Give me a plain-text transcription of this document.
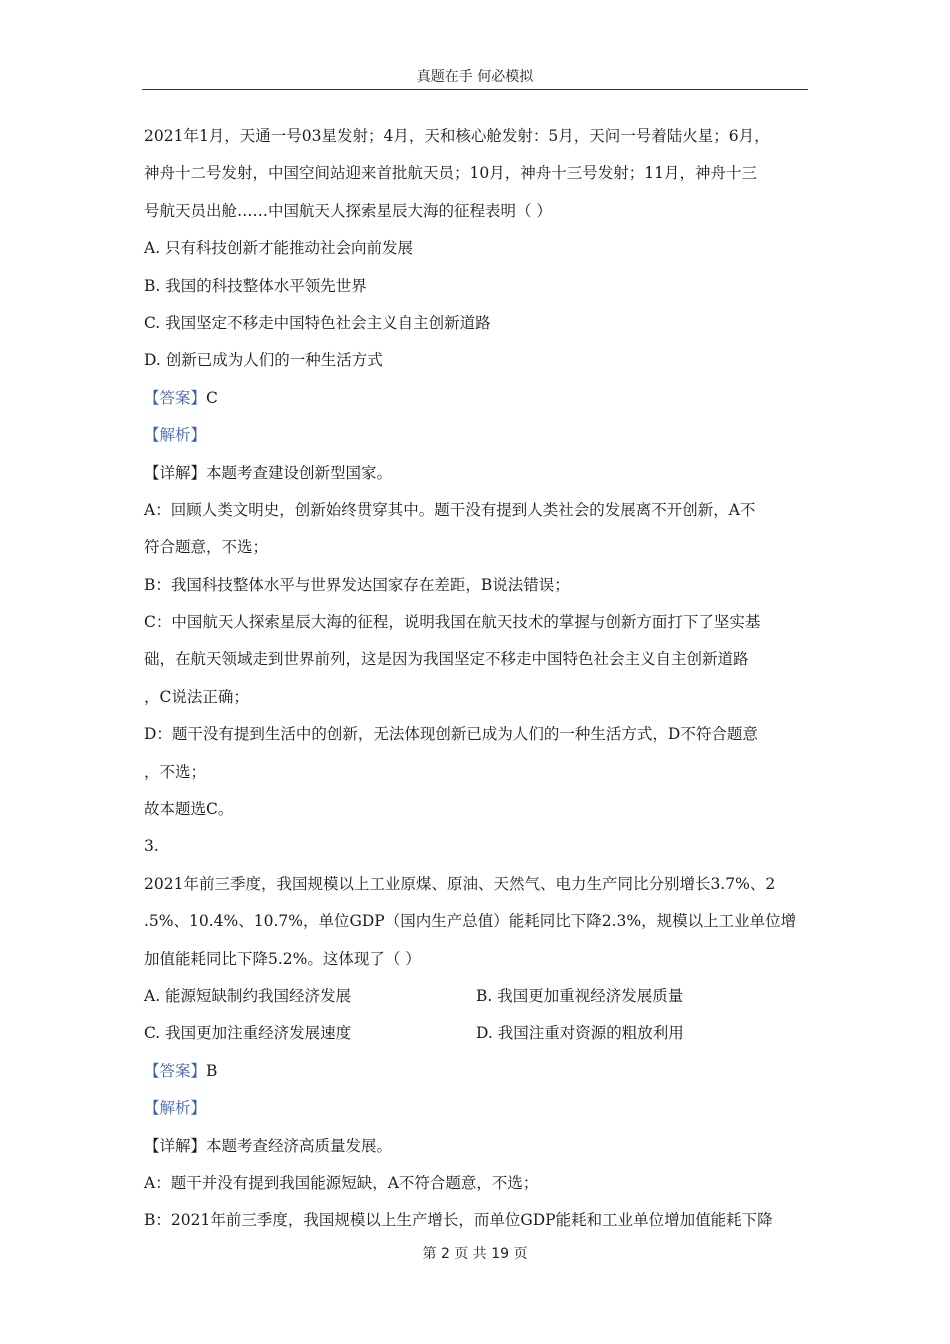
真题在手 何必模拟
2021年1月，天通一号03星发射；4月，天和核心舱发射：5月，天问一号着陆火星；6月，
神舟十二号发射，中国空间站迎来首批航天员；10月，神舟十三号发射；11月，神舟十三
号航天员出舱……中国航天人探索星辰大海的征程表明（ ）
A. 只有科技创新才能推动社会向前发展
B. 我国的科技整体水平领先世界
C. 我国坚定不移走中国特色社会主义自主创新道路
D. 创新已成为人们的一种生活方式
【答案】C
【解析】
【详解】本题考查建设创新型国家。
A：回顾人类文明史，创新始终贯穿其中。题干没有提到人类社会的发展离不开创新，A不
符合题意，不选；
B：我国科技整体水平与世界发达国家存在差距，B说法错误；
C：中国航天人探索星辰大海的征程，说明我国在航天技术的掌握与创新方面打下了坚实基
础，在航天领域走到世界前列，这是因为我国坚定不移走中国特色社会主义自主创新道路
，C说法正确；
D：题干没有提到生活中的创新，无法体现创新已成为人们的一种生活方式，D不符合题意
，不选；
故本题选C。
3.
2021年前三季度，我国规模以上工业原煤、原油、天然气、电力生产同比分别增长3.7%、2
.5%、10.4%、10.7%，单位GDP（国内生产总值）能耗同比下降2.3%，规模以上工业单位增
加值能耗同比下降5.2%。这体现了（ ）
A. 能源短缺制约我国经济发展	B. 我国更加重视经济发展质量
C. 我国更加注重经济发展速度	D. 我国注重对资源的粗放利用
【答案】B
【解析】
【详解】本题考查经济高质量发展。
A：题干并没有提到我国能源短缺，A不符合题意，不选；
B：2021年前三季度，我国规模以上生产增长，而单位GDP能耗和工业单位增加值能耗下降
第 2 页 共 19 页
